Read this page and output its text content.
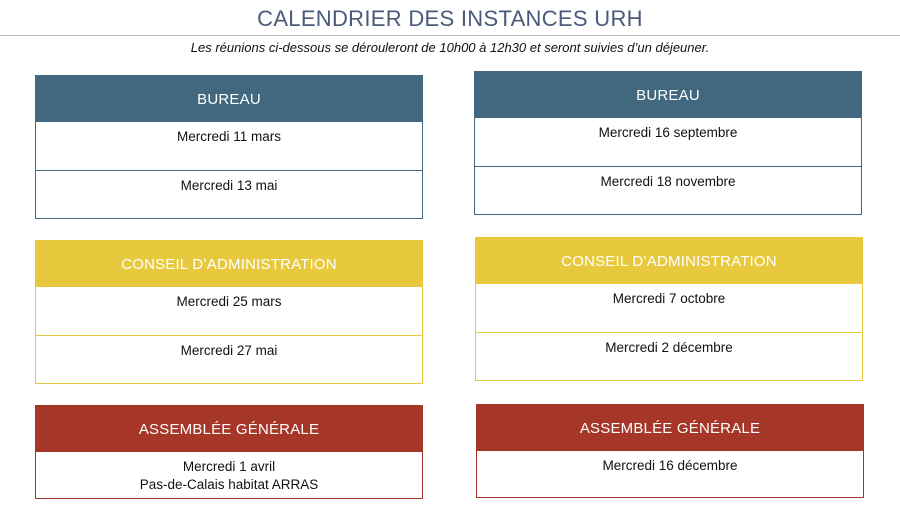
CALENDRIER DES INSTANCES URH
Les réunions ci-dessous se dérouleront de 10h00 à 12h30 et seront suivies d’un déjeuner.
BUREAU
Mercredi 11 mars
Mercredi 13 mai
CONSEIL D’ADMINISTRATION
Mercredi 25 mars
Mercredi 27 mai
ASSEMBLÉE GÉNÉRALE
Mercredi 1 avril
Pas-de-Calais habitat ARRAS
BUREAU
Mercredi 16 septembre
Mercredi 18 novembre
CONSEIL D’ADMINISTRATION
Mercredi 7 octobre
Mercredi 2 décembre
ASSEMBLÉE GÉNÉRALE
Mercredi 16 décembre
